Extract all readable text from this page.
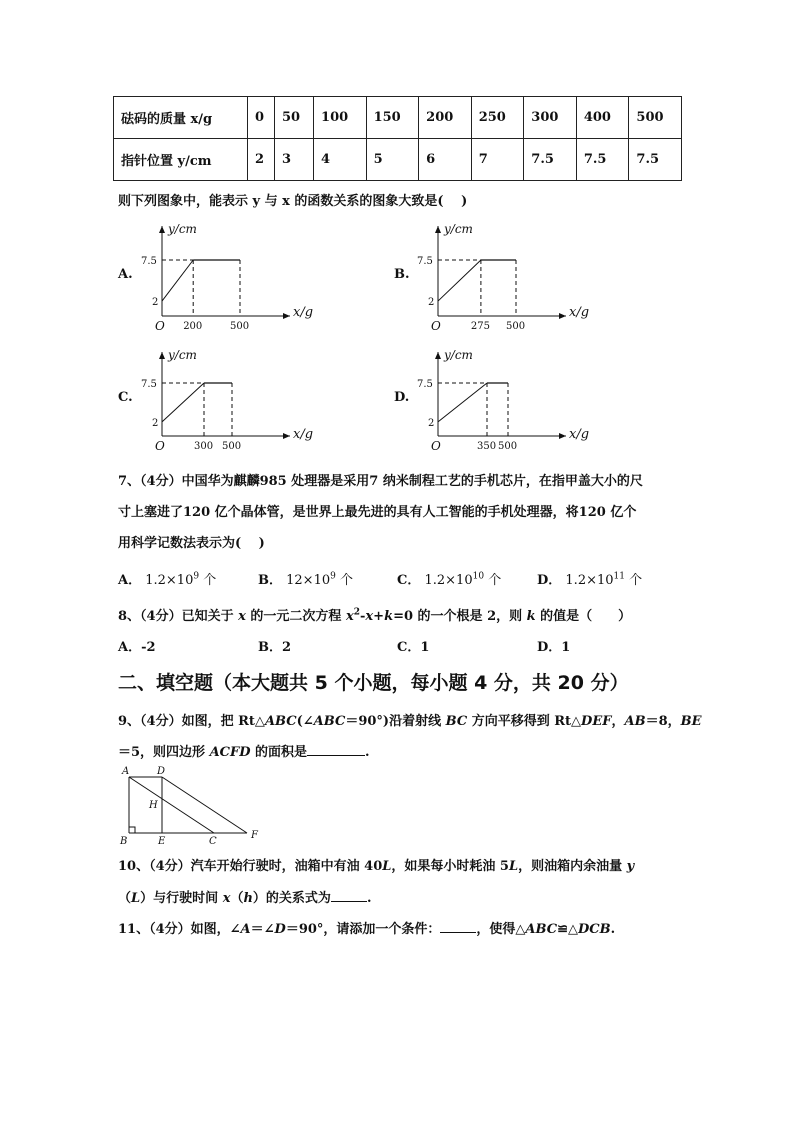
砝码的质量 x/g	0	50	100	150	200	250	300	400	500
指针位置 y/cm	2	3	4	5	6	7	7.5	7.5	7.5
则下列图象中，能表示 y 与 x 的函数关系的图象大致是(　 )
A.
y/cm
x/g
O
7.5
2
200	500
B.
y/cm
x/g
O
7.5
2
275 500
C.
y/cm
x/g
O
7.5
2
300 500
D.
y/cm
x/g
O
7.5
2
350 500
7、（4分）中国华为麒麟985 处理器是采用7 纳米制程工艺的手机芯片，在指甲盖大小的尺
寸上塞进了120 亿个晶体管，是世界上最先进的具有人工智能的手机处理器，将120 亿个
用科学记数法表示为(　 )
A． $1.2\times 10^9$ 个	B． $12\times 10^9$ 个	C． $1.2\times 10^{10}$ 个	D． $1.2\times 10^{11}$ 个
8、（4分）已知关于 x 的一元二次方程 $x^2-x+k=0$ 的一个根是 2，则 k 的值是（　　）
A．-2	B．2	C．1	D．1
二、填空题（本大题共 5 个小题，每小题 4 分，共 20 分）
9、（4分）如图，把 Rt△ABC(∠ABC＝90°)沿着射线 BC 方向平移得到 Rt△DEF，AB＝8，BE
＝5，则四边形 ACFD 的面积是	.
A	D
H
B	E	C
F
10、（4分）汽车开始行驶时，油箱中有油 40L，如果每小时耗油 5L，则油箱内余油量 y
（L）与行驶时间 x（h）的关系式为	.
11、（4分）如图，∠A＝∠D＝90°，请添加一个条件：	，使得△ABC≌△DCB.
